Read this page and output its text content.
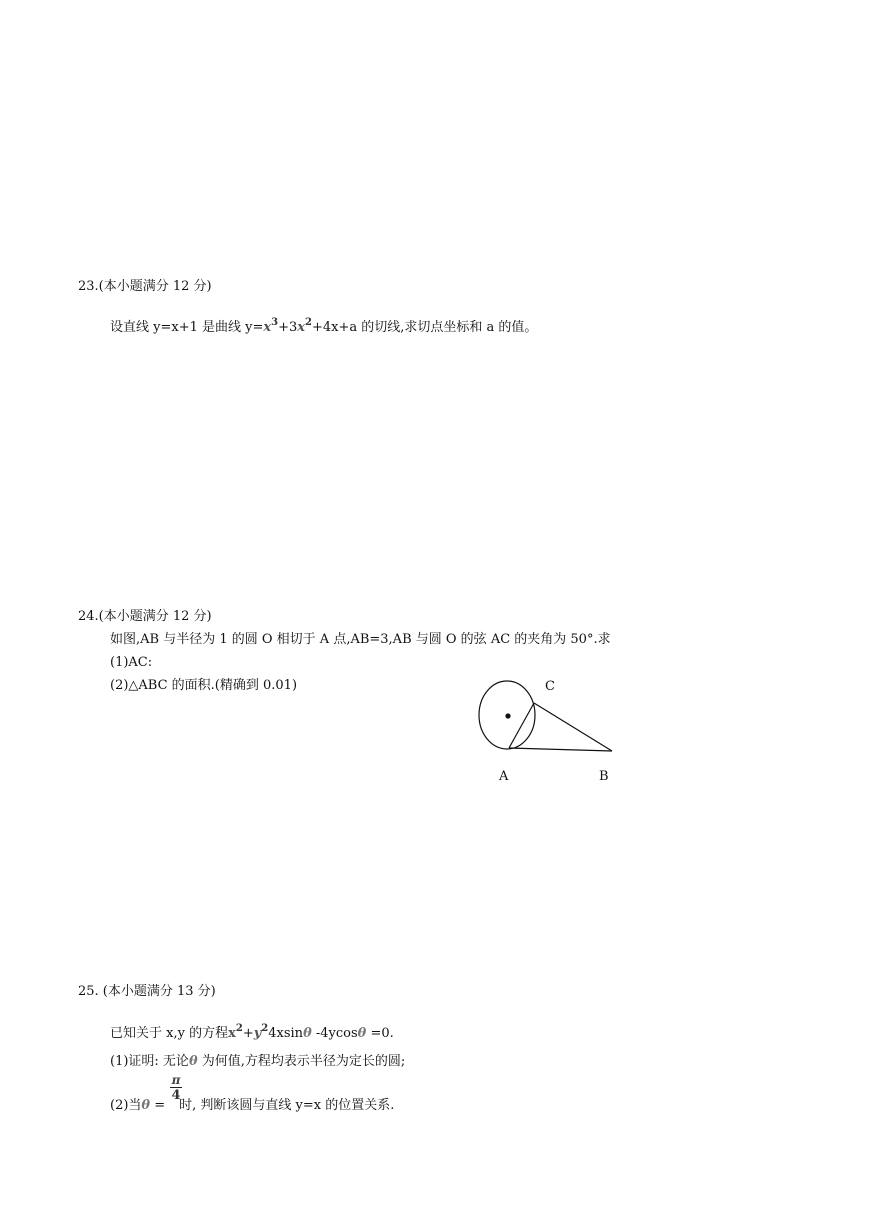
23.(本小题满分 12 分)
设直线 y=x+1 是曲线 $y=x^3+3x^2+4x+a$ 的切线,求切点坐标和 a 的值。
24.(本小题满分 12 分)
如图,AB 与半径为 1 的圆 O 相切于 A 点,AB=3,AB 与圆 O 的弦 AC 的夹角为 50°.求
(1)AC:
(2)△ABC 的面积.(精确到 0.01)	C
A	B
25. (本小题满分 13 分)
已知关于 x,y 的方程$x^2+y^24xsin\theta$ -4ycosθ =0.
(1)证明: 无论θ 为何值,方程均表示半径为定长的圆;
(2)当θ = 时, 判断该圆与直线 y=x 的位置关系.
π
4
